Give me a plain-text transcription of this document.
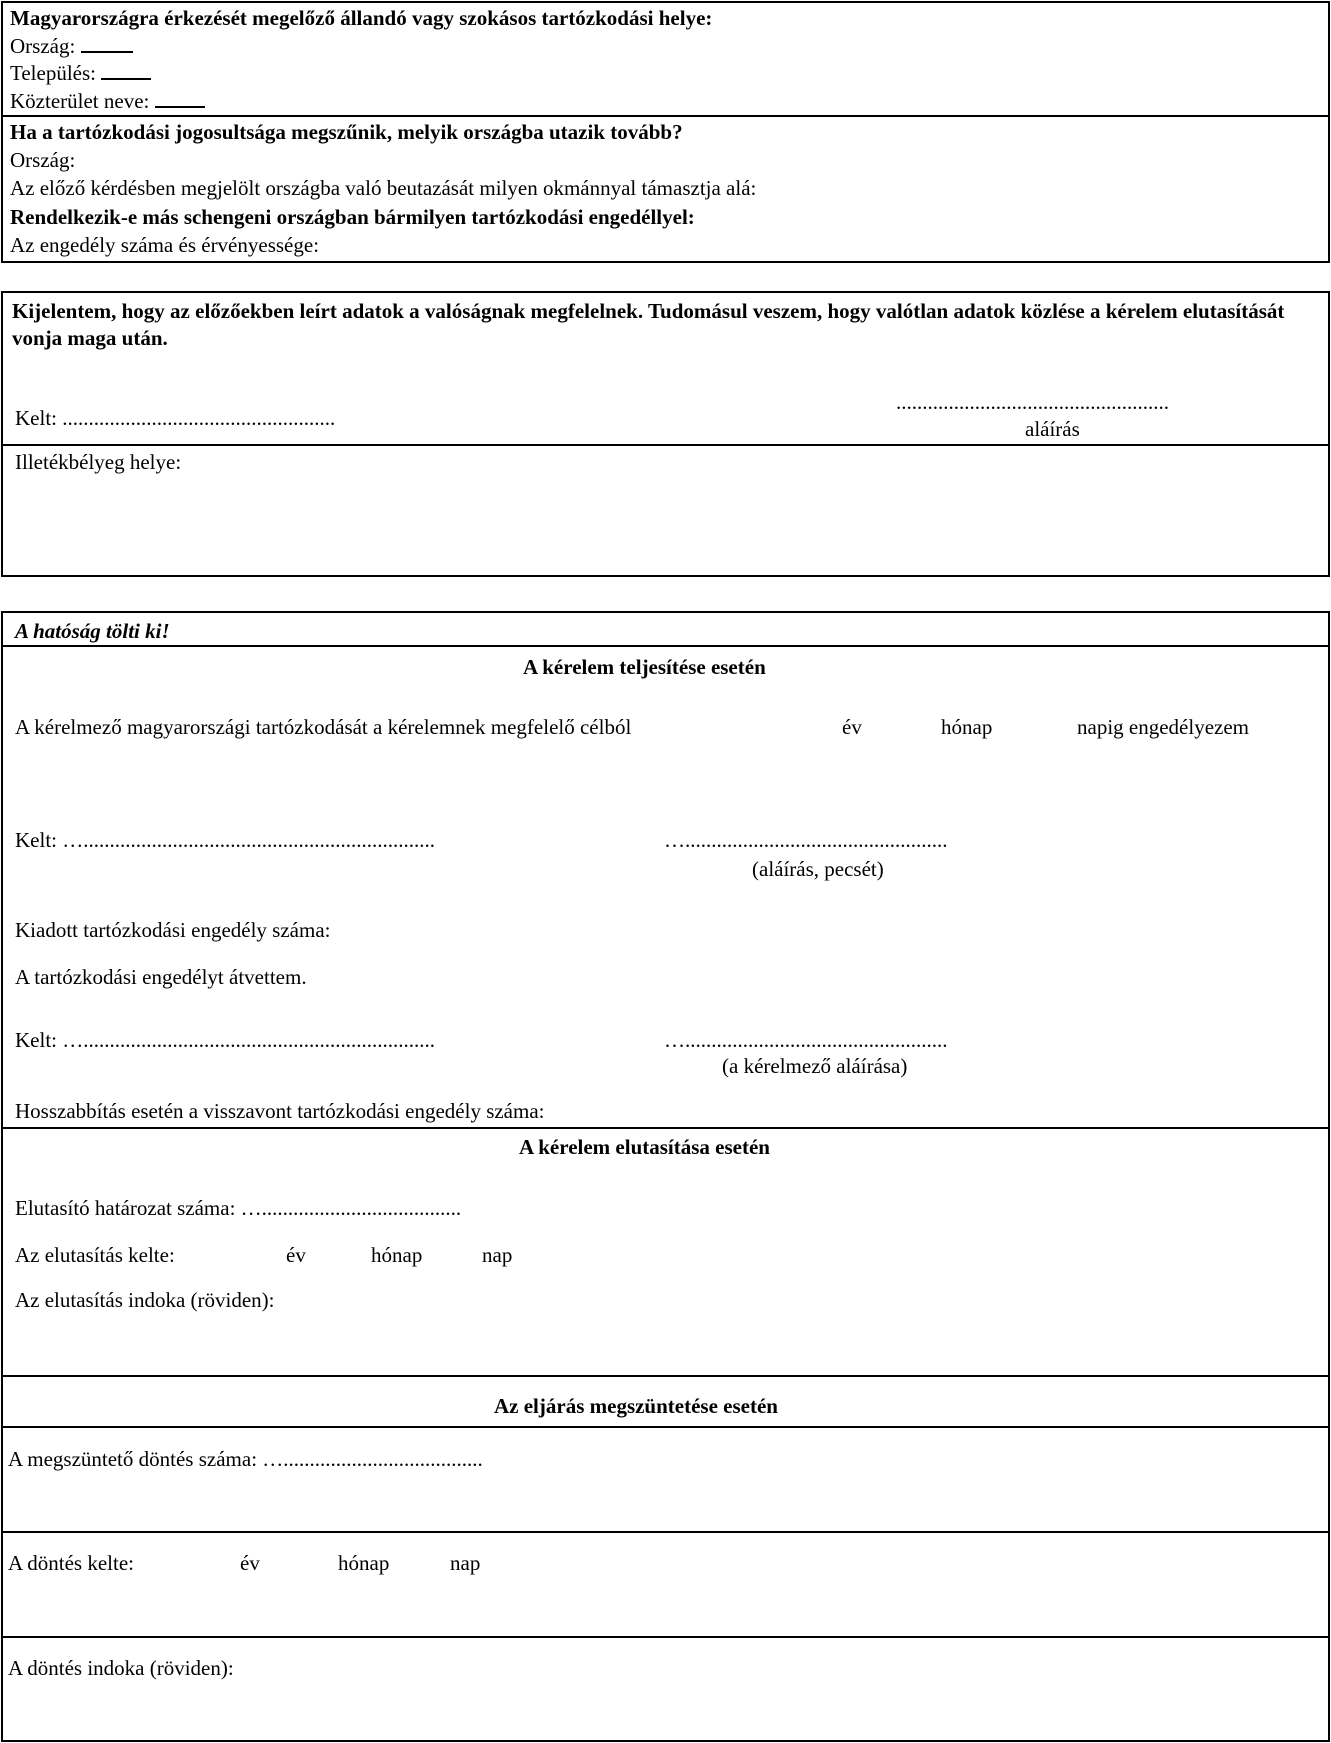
Magyarországra érkezését megelőző állandó vagy szokásos tartózkodási helye:
Ország:
Település:
Közterület neve:
Ha a tartózkodási jogosultsága megszűnik, melyik országba utazik tovább?
Ország:
Az előző kérdésben megjelölt országba való beutazását milyen okmánnyal támasztja alá:
Rendelkezik-e más schengeni országban bármilyen tartózkodási engedéllyel:
Az engedély száma és érvényessége:
Kijelentem, hogy az előzőekben leírt adatok a valóságnak megfelelnek. Tudomásul veszem, hogy valótlan adatok közlése a kérelem elutasítását vonja maga után.
Kelt: ....................................................
....................................................
aláírás
Illetékbélyeg helye:
A hatóság tölti ki!
A kérelem teljesítése esetén
A kérelmező magyarországi tartózkodását a kérelemnek megfelelő célból	év	hónap	napig engedélyezem
Kelt: …...................................................................	…..................................................
(aláírás, pecsét)
Kiadott tartózkodási engedély száma:
A tartózkodási engedélyt átvettem.
Kelt: …...................................................................	…..................................................
(a kérelmező aláírása)
Hosszabbítás esetén a visszavont tartózkodási engedély száma:
A kérelem elutasítása esetén
Elutasító határozat száma: …......................................
Az elutasítás kelte:	év	hónap	nap
Az elutasítás indoka (röviden):
Az eljárás megszüntetése esetén
A megszüntető döntés száma: …......................................
A döntés kelte:	év	hónap	nap
A döntés indoka (röviden):
